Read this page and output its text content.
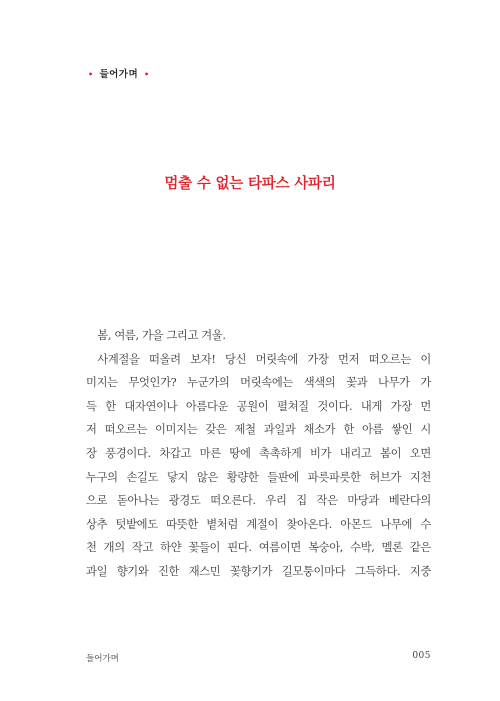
• 들어가며 •
멈출 수 없는 타파스 사파리
봄, 여름, 가을 그리고 겨울.
사계절을 떠올려 보자! 당신 머릿속에 가장 먼저 떠오르는 이
미지는 무엇인가? 누군가의 머릿속에는 색색의 꽃과 나무가 가
득 한 대자연이나 아름다운 공원이 펼쳐질 것이다. 내게 가장 먼
저 떠오르는 이미지는 갖은 제철 과일과 채소가 한 아름 쌓인 시
장 풍경이다. 차갑고 마른 땅에 촉촉하게 비가 내리고 봄이 오면
누구의 손길도 닿지 않은 황량한 들판에 파릇파릇한 허브가 지천
으로 돋아나는 광경도 떠오른다. 우리 집 작은 마당과 베란다의
상추 텃밭에도 따뜻한 볕처럼 계절이 찾아온다. 아몬드 나무에 수
천 개의 작고 하얀 꽃들이 핀다. 여름이면 복숭아, 수박, 멜론 같은
과일 향기와 진한 재스민 꽃향기가 길모퉁이마다 그득하다. 지중
들어가며	005
